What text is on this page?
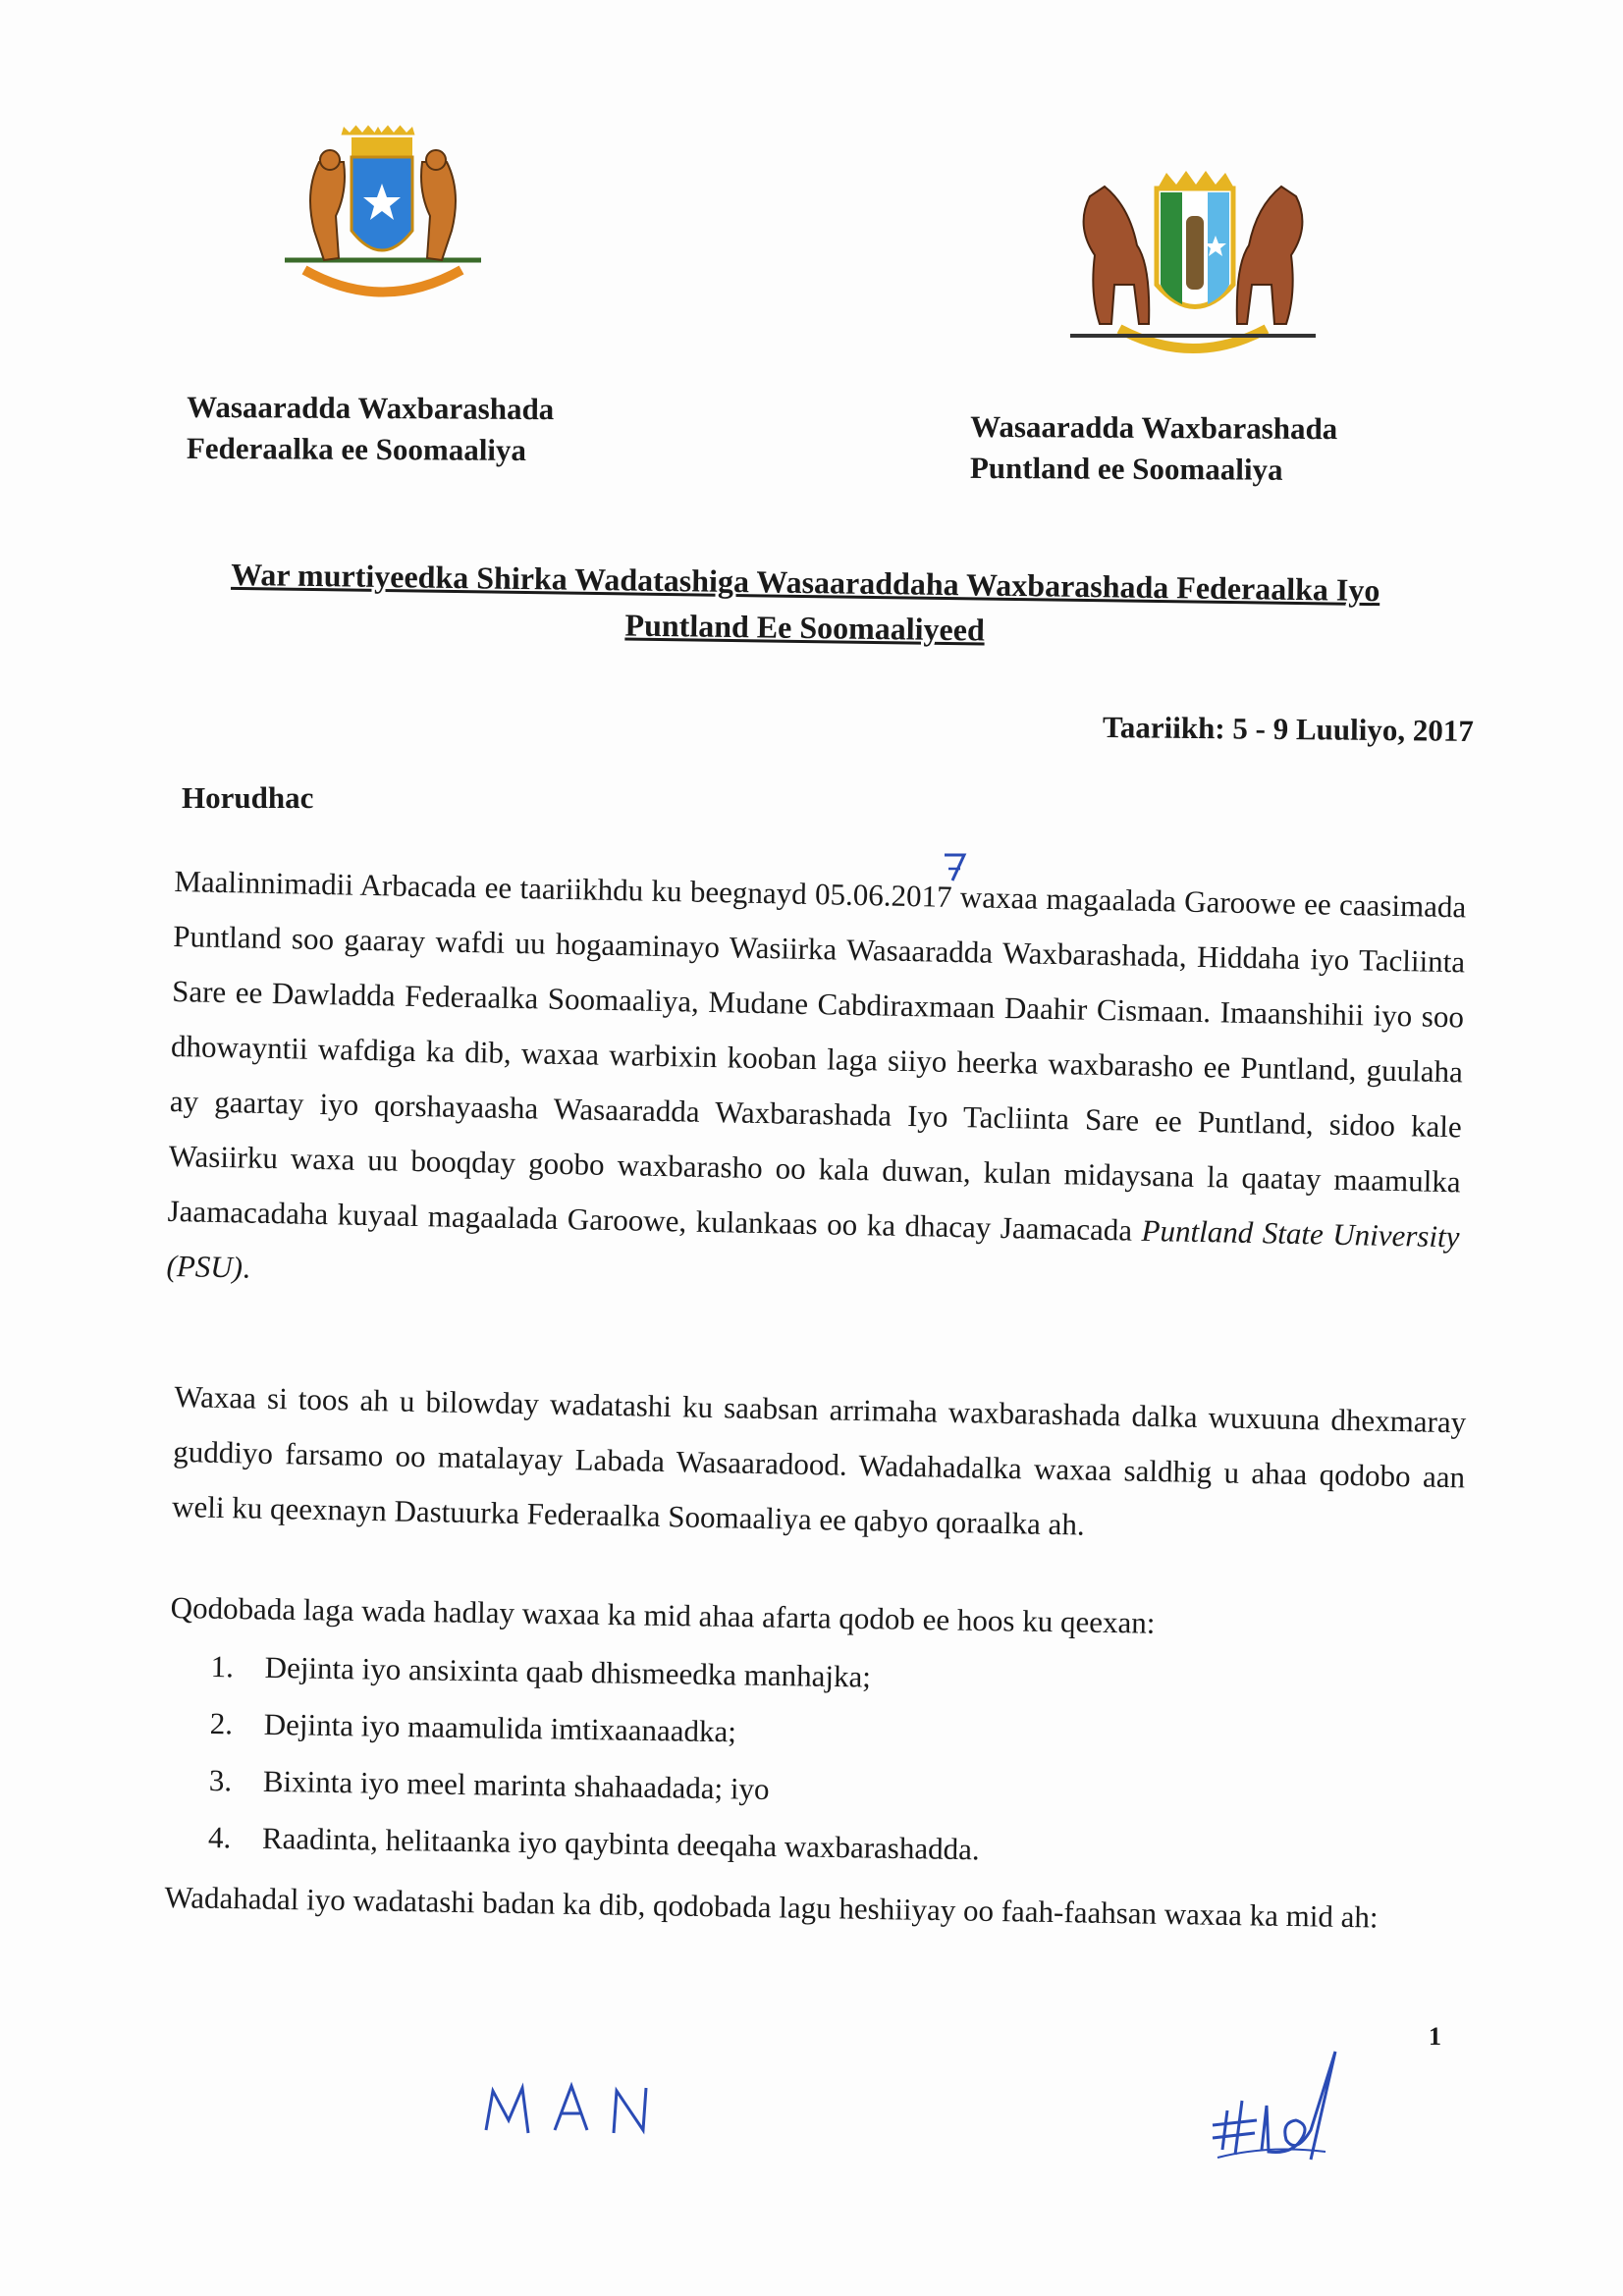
Wasaaradda Waxbarashada
Federaalka ee Soomaaliya
Wasaaradda Waxbarashada
Puntland ee Soomaaliya
War murtiyeedka Shirka Wadatashiga Wasaaraddaha Waxbarashada Federaalka Iyo
Puntland Ee Soomaaliyeed
Taariikh: 5 - 9 Luuliyo, 2017
Horudhac
Maalinnimadii Arbacada ee taariikhdu ku beegnayd 05.06.2017 waxaa magaalada Garoowe ee caasimada Puntland soo gaaray wafdi uu hogaaminayo Wasiirka Wasaaradda Waxbarashada, Hiddaha iyo Tacliinta Sare ee Dawladda Federaalka Soomaaliya, Mudane Cabdiraxmaan Daahir Cismaan. Imaanshihii iyo soo dhowayntii wafdiga ka dib, waxaa warbixin kooban laga siiyo heerka waxbarasho ee Puntland, guulaha ay gaartay iyo qorshayaasha Wasaaradda Waxbarashada Iyo Tacliinta Sare ee Puntland, sidoo kale Wasiirku waxa uu booqday goobo waxbarasho oo kala duwan, kulan midaysana la qaatay maamulka Jaamacadaha kuyaal magaalada Garoowe, kulankaas oo ka dhacay Jaamacada Puntland State University (PSU).
Waxaa si toos ah u bilowday wadatashi ku saabsan arrimaha waxbarashada dalka wuxuuna dhexmaray guddiyo farsamo oo matalayay Labada Wasaaradood. Wadahadalka waxaa saldhig u ahaa qodobo aan weli ku qeexnayn Dastuurka Federaalka Soomaaliya ee qabyo qoraalka ah.
Qodobada laga wada hadlay waxaa ka mid ahaa afarta qodob ee hoos ku qeexan:
1.	Dejinta iyo ansixinta qaab dhismeedka manhajka;
2.	Dejinta iyo maamulida imtixaanaadka;
3.	Bixinta iyo meel marinta shahaadada; iyo
4.	Raadinta, helitaanka iyo qaybinta deeqaha waxbarashadda.
Wadahadal iyo wadatashi badan ka dib, qodobada lagu heshiiyay oo faah-faahsan waxaa ka mid ah:
1
